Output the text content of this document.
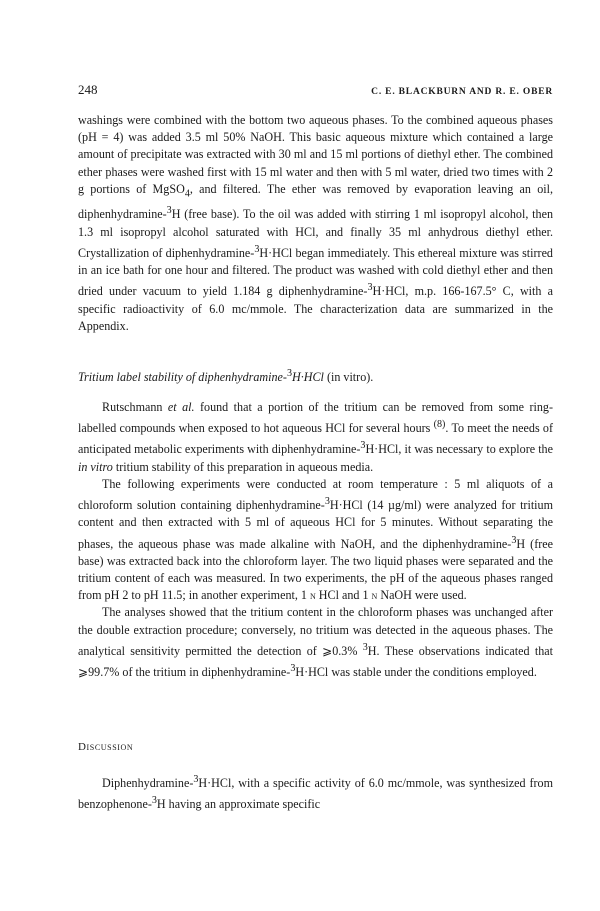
248	C. E. BLACKBURN AND R. E. OBER

washings were combined with the bottom two aqueous phases. To the combined aqueous phases (pH = 4) was added 3.5 ml 50% NaOH. This basic aqueous mixture which contained a large amount of precipitate was extracted with 30 ml and 15 ml portions of diethyl ether. The combined ether phases were washed first with 15 ml water and then with 5 ml water, dried two times with 2 g portions of MgSO$_4$, and filtered. The ether was removed by evaporation leaving an oil, diphenhydramine-$^3$H (free base). To the oil was added with stirring 1 ml isopropyl alcohol, then 1.3 ml isopropyl alcohol saturated with HCl, and finally 35 ml anhydrous diethyl ether. Crystallization of diphenhydramine-$^3$H·HCl began immediately. This ethereal mixture was stirred in an ice bath for one hour and filtered. The product was washed with cold diethyl ether and then dried under vacuum to yield 1.184 g diphenhydramine-$^3$H·HCl, m.p. 166-167.5° C, with a specific radioactivity of 6.0 mc/mmole. The characterization data are summarized in the Appendix.

Tritium label stability of diphenhydramine-$^3$H·HCl (in vitro).

Rutschmann et al. found that a portion of the tritium can be removed from some ring-labelled compounds when exposed to hot aqueous HCl for several hours $^{(8)}$. To meet the needs of anticipated metabolic experiments with diphenhydramine-$^3$H·HCl, it was necessary to explore the in vitro tritium stability of this preparation in aqueous media.

The following experiments were conducted at room temperature : 5 ml aliquots of a chloroform solution containing diphenhydramine-$^3$H·HCl (14 µg/ml) were analyzed for tritium content and then extracted with 5 ml of aqueous HCl for 5 minutes. Without separating the phases, the aqueous phase was made alkaline with NaOH, and the diphenhydramine-$^3$H (free base) was extracted back into the chloroform layer. The two liquid phases were separated and the tritium content of each was measured. In two experiments, the pH of the aqueous phases ranged from pH 2 to pH 11.5; in another experiment, 1 n HCl and 1 n NaOH were used.

The analyses showed that the tritium content in the chloroform phases was unchanged after the double extraction procedure; conversely, no tritium was detected in the aqueous phases. The analytical sensitivity permitted the detection of ⩾0.3% $^3$H. These observations indicated that ⩾99.7% of the tritium in diphenhydramine-$^3$H·HCl was stable under the conditions employed.

Discussion

Diphenhydramine-$^3$H·HCl, with a specific activity of 6.0 mc/mmole, was synthesized from benzophenone-$^3$H having an approximate specific
